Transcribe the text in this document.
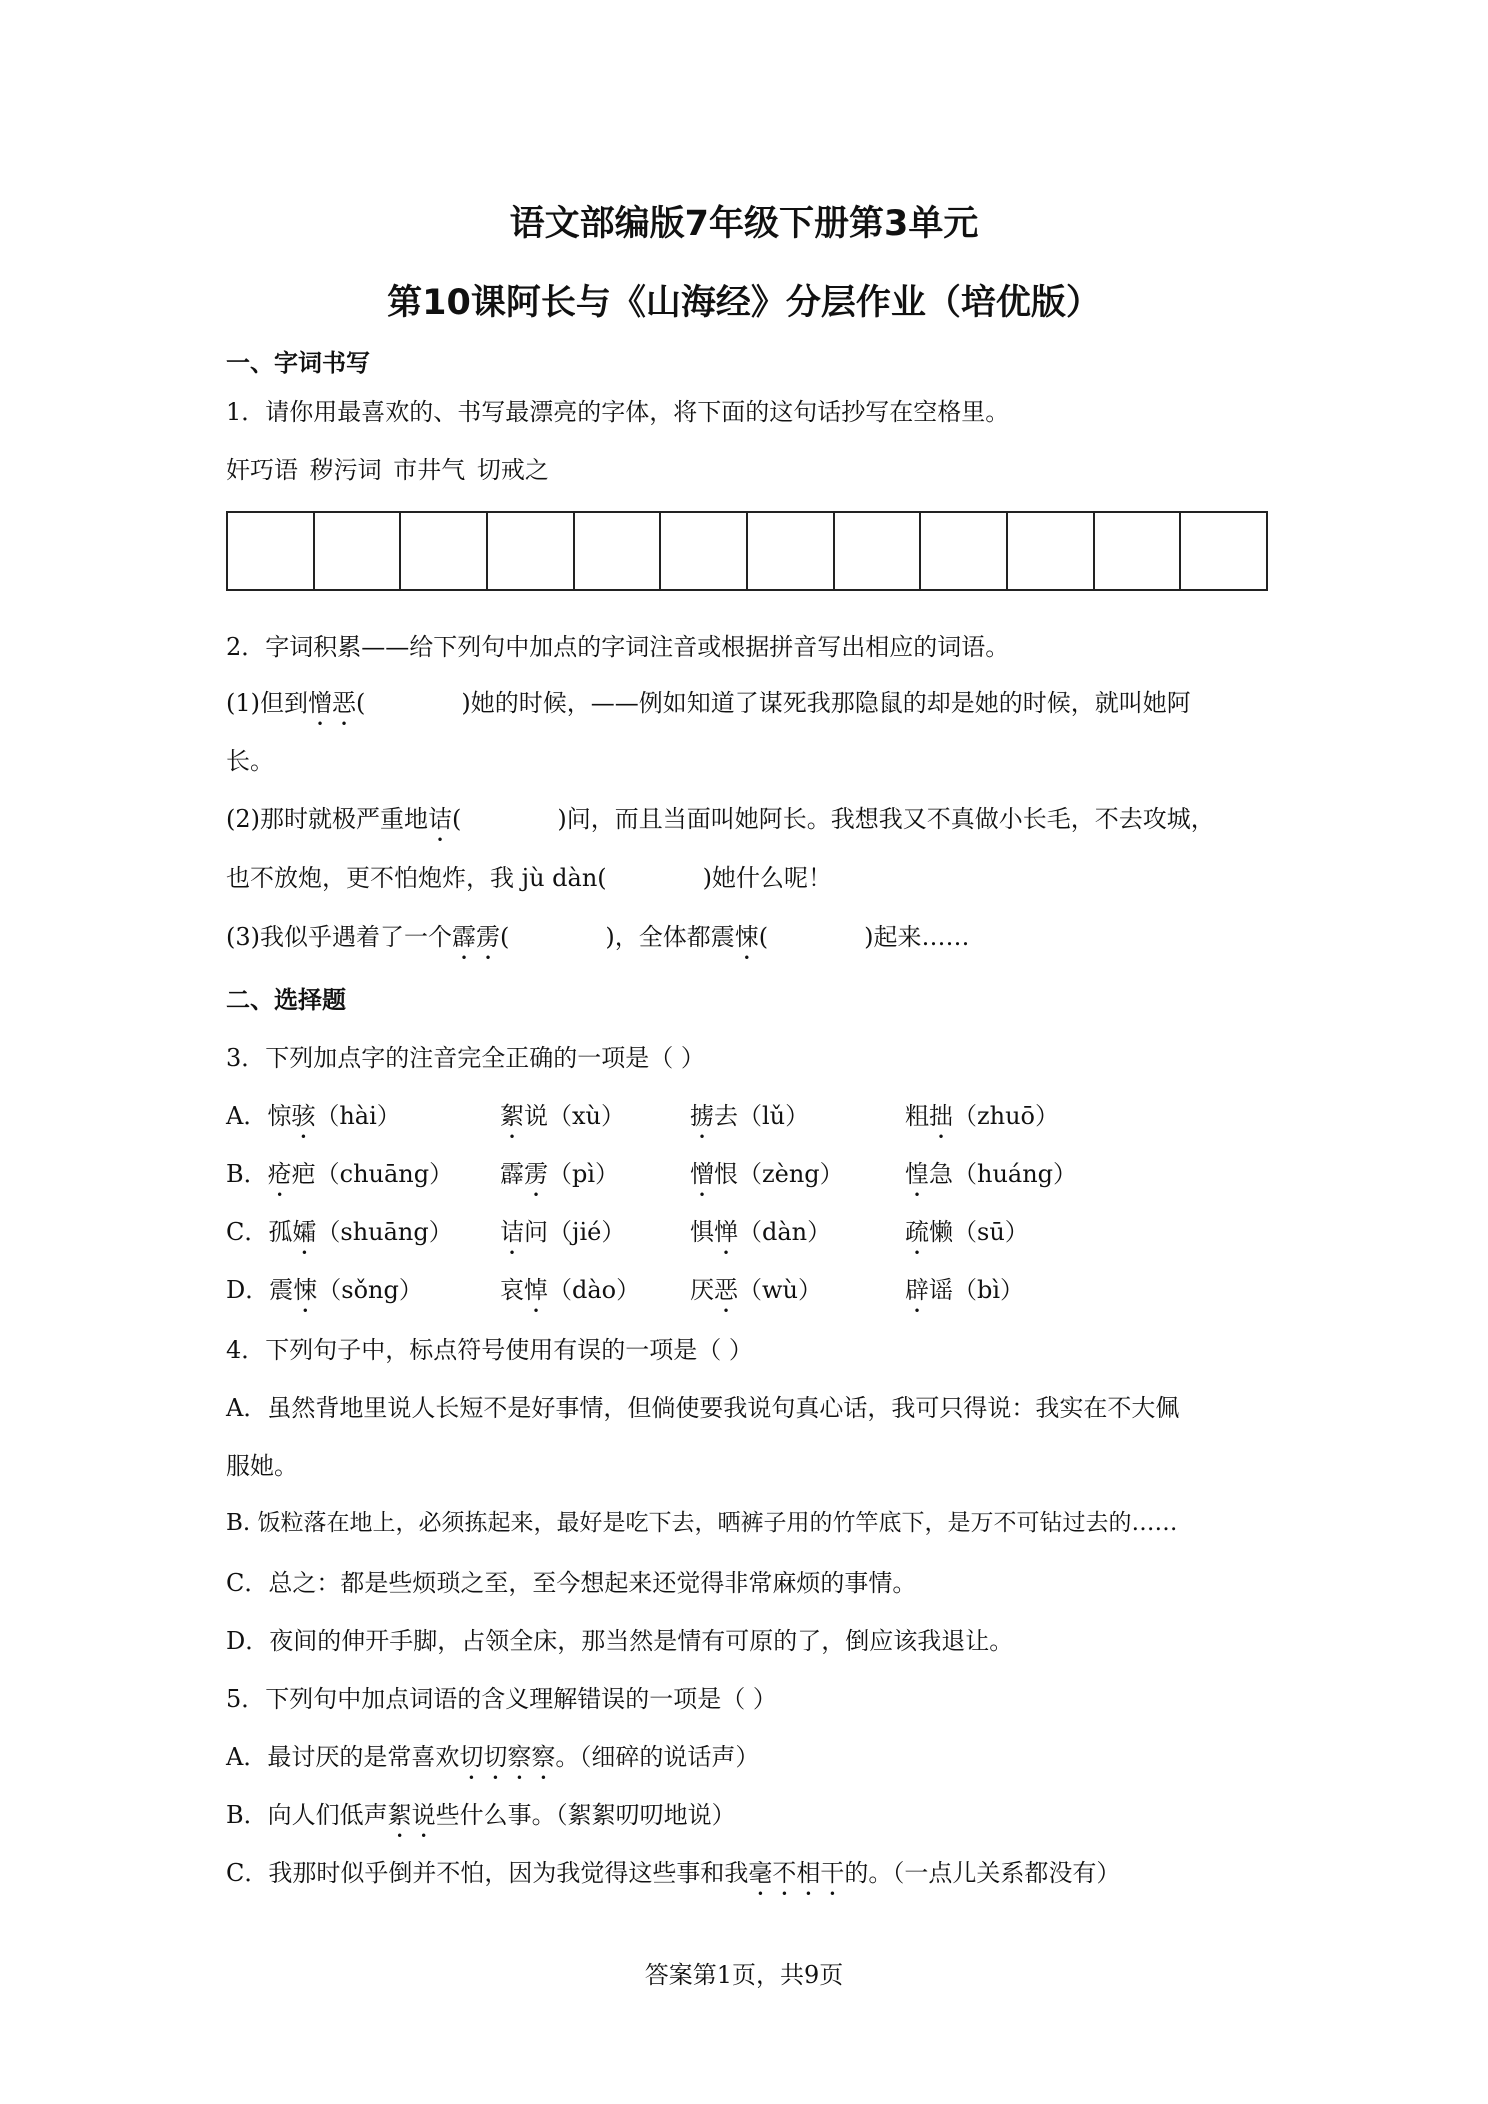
语文部编版7年级下册第3单元
第10课阿长与《山海经》分层作业（培优版）
一、字词书写
1．请你用最喜欢的、书写最漂亮的字体，将下面的这句话抄写在空格里。
奸巧语 秽污词 市井气 切戒之
2．字词积累——给下列句中加点的字词注音或根据拼音写出相应的词语。
(1)但到憎恶(	)她的时候，——例如知道了谋死我那隐鼠的却是她的时候，就叫她阿
长。
(2)那时就极严重地诘(	)问，而且当面叫她阿长。我想我又不真做小长毛，不去攻城，
也不放炮，更不怕炮炸，我 jù dàn(	)她什么呢！
(3)我似乎遇着了一个霹雳(	)，全体都震悚(	)起来……
二、选择题
3．下列加点字的注音完全正确的一项是（ ）
A．惊骇（hài）	絮说（xù）	掳去（lǔ）	粗拙（zhuō）
B．疮疤（chuāng） 霹雳（pì）	憎恨（zèng）	惶急（huáng）
C．孤孀（shuāng） 诘问（jié）	惧惮（dàn）	疏懒（sū）
D．震悚（sǒng）	哀悼（dào） 厌恶（wù）	辟谣（bì）
4．下列句子中，标点符号使用有误的一项是（ ）
A．虽然背地里说人长短不是好事情，但倘使要我说句真心话，我可只得说：我实在不大佩
服她。
B. 饭粒落在地上，必须拣起来，最好是吃下去，晒裤子用的竹竿底下，是万不可钻过去的……
C．总之：都是些烦琐之至，至今想起来还觉得非常麻烦的事情。
D．夜间的伸开手脚，占领全床，那当然是情有可原的了，倒应该我退让。
5．下列句中加点词语的含义理解错误的一项是（ ）
A．最讨厌的是常喜欢切切察察。（细碎的说话声）
B．向人们低声絮说些什么事。（絮絮叨叨地说）
C．我那时似乎倒并不怕，因为我觉得这些事和我毫不相干的。（一点儿关系都没有）
答案第1页，共9页
